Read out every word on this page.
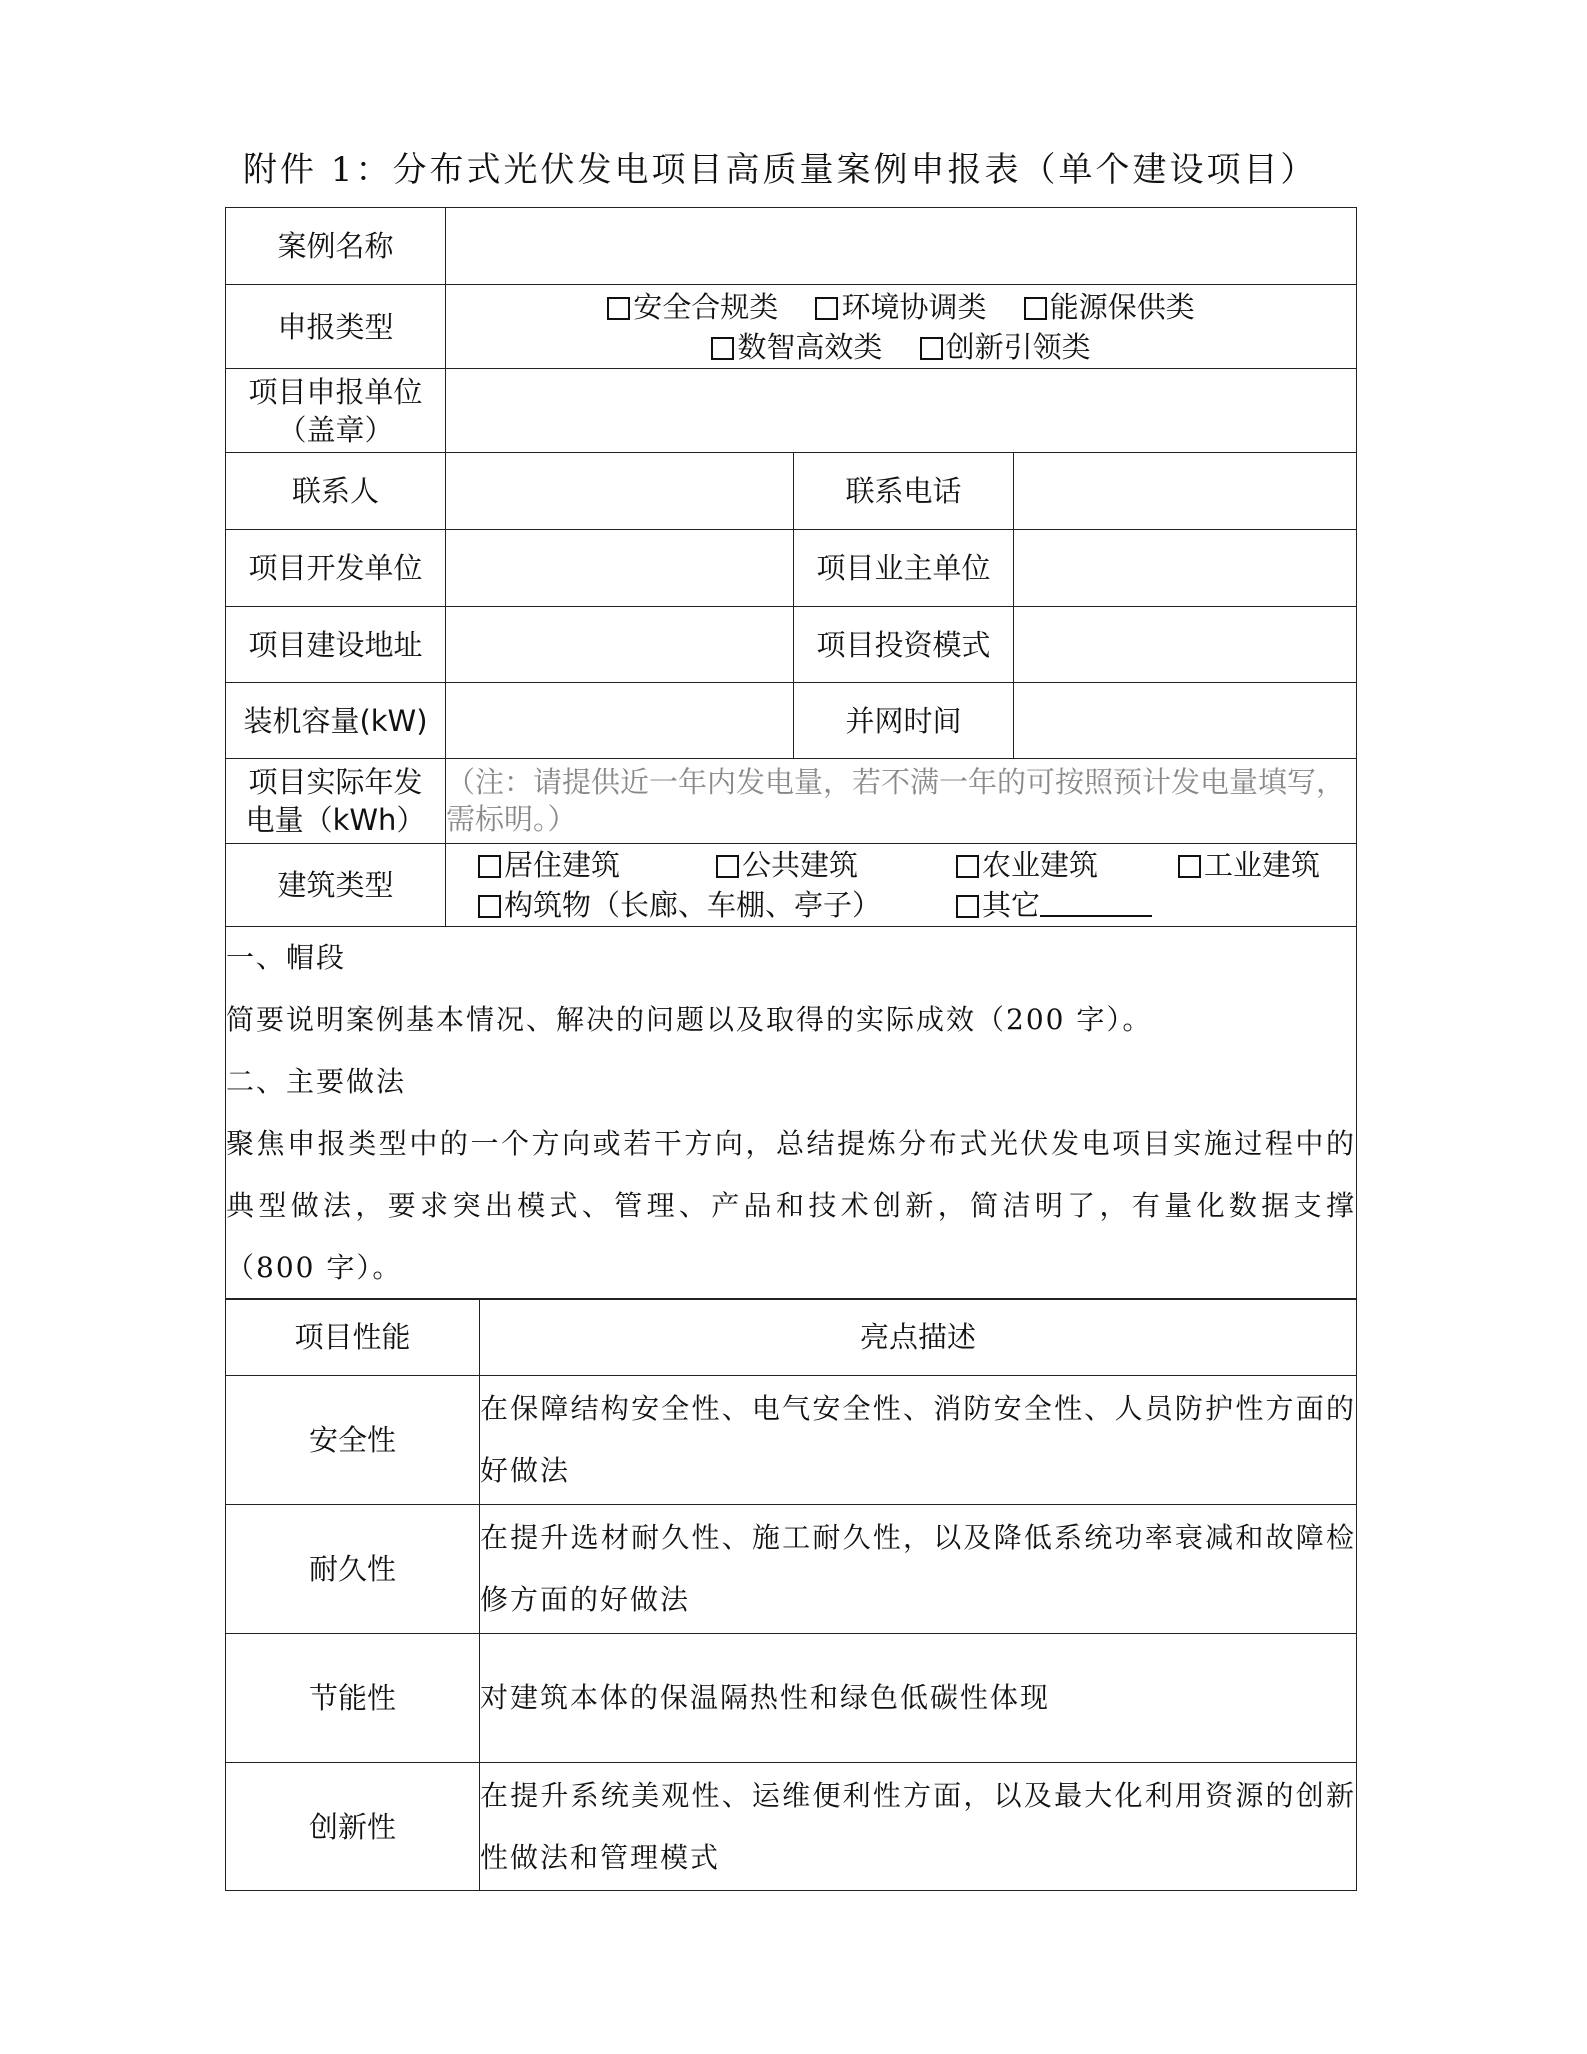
附件 1：分布式光伏发电项目高质量案例申报表（单个建设项目）
案例名称			
申报类型	安全合规类 环境协调类 能源保供类
数智高效类 创新引领类		

项目申报单位
（盖章）			

联系人		联系电话	
项目开发单位		项目业主单位	
项目建设地址		项目投资模式	
装机容量(kW)		并网时间	

项目实际年发
电量（kWh）	（注：请提供近一年内发电量，若不满一年的可按照预计发电量填写，需标明。）		
建筑类型	居住建筑 公共建筑 农业建筑 工业建筑
构筑物（长廊、车棚、亭子） 其它		

一、帽段
简要说明案例基本情况、解决的问题以及取得的实际成效（200 字）。
二、主要做法
聚焦申报类型中的一个方向或若干方向，总结提炼分布式光伏发电项目实施过程中的典型做法，要求突出模式、管理、产品和技术创新，简洁明了，有量化数据支撑（800 字）。			
项目性能	亮点描述
安全性	在保障结构安全性、电气安全性、消防安全性、人员防护性方面的好做法
耐久性	在提升选材耐久性、施工耐久性，以及降低系统功率衰减和故障检修方面的好做法
节能性	对建筑本体的保温隔热性和绿色低碳性体现
创新性	在提升系统美观性、运维便利性方面，以及最大化利用资源的创新性做法和管理模式
